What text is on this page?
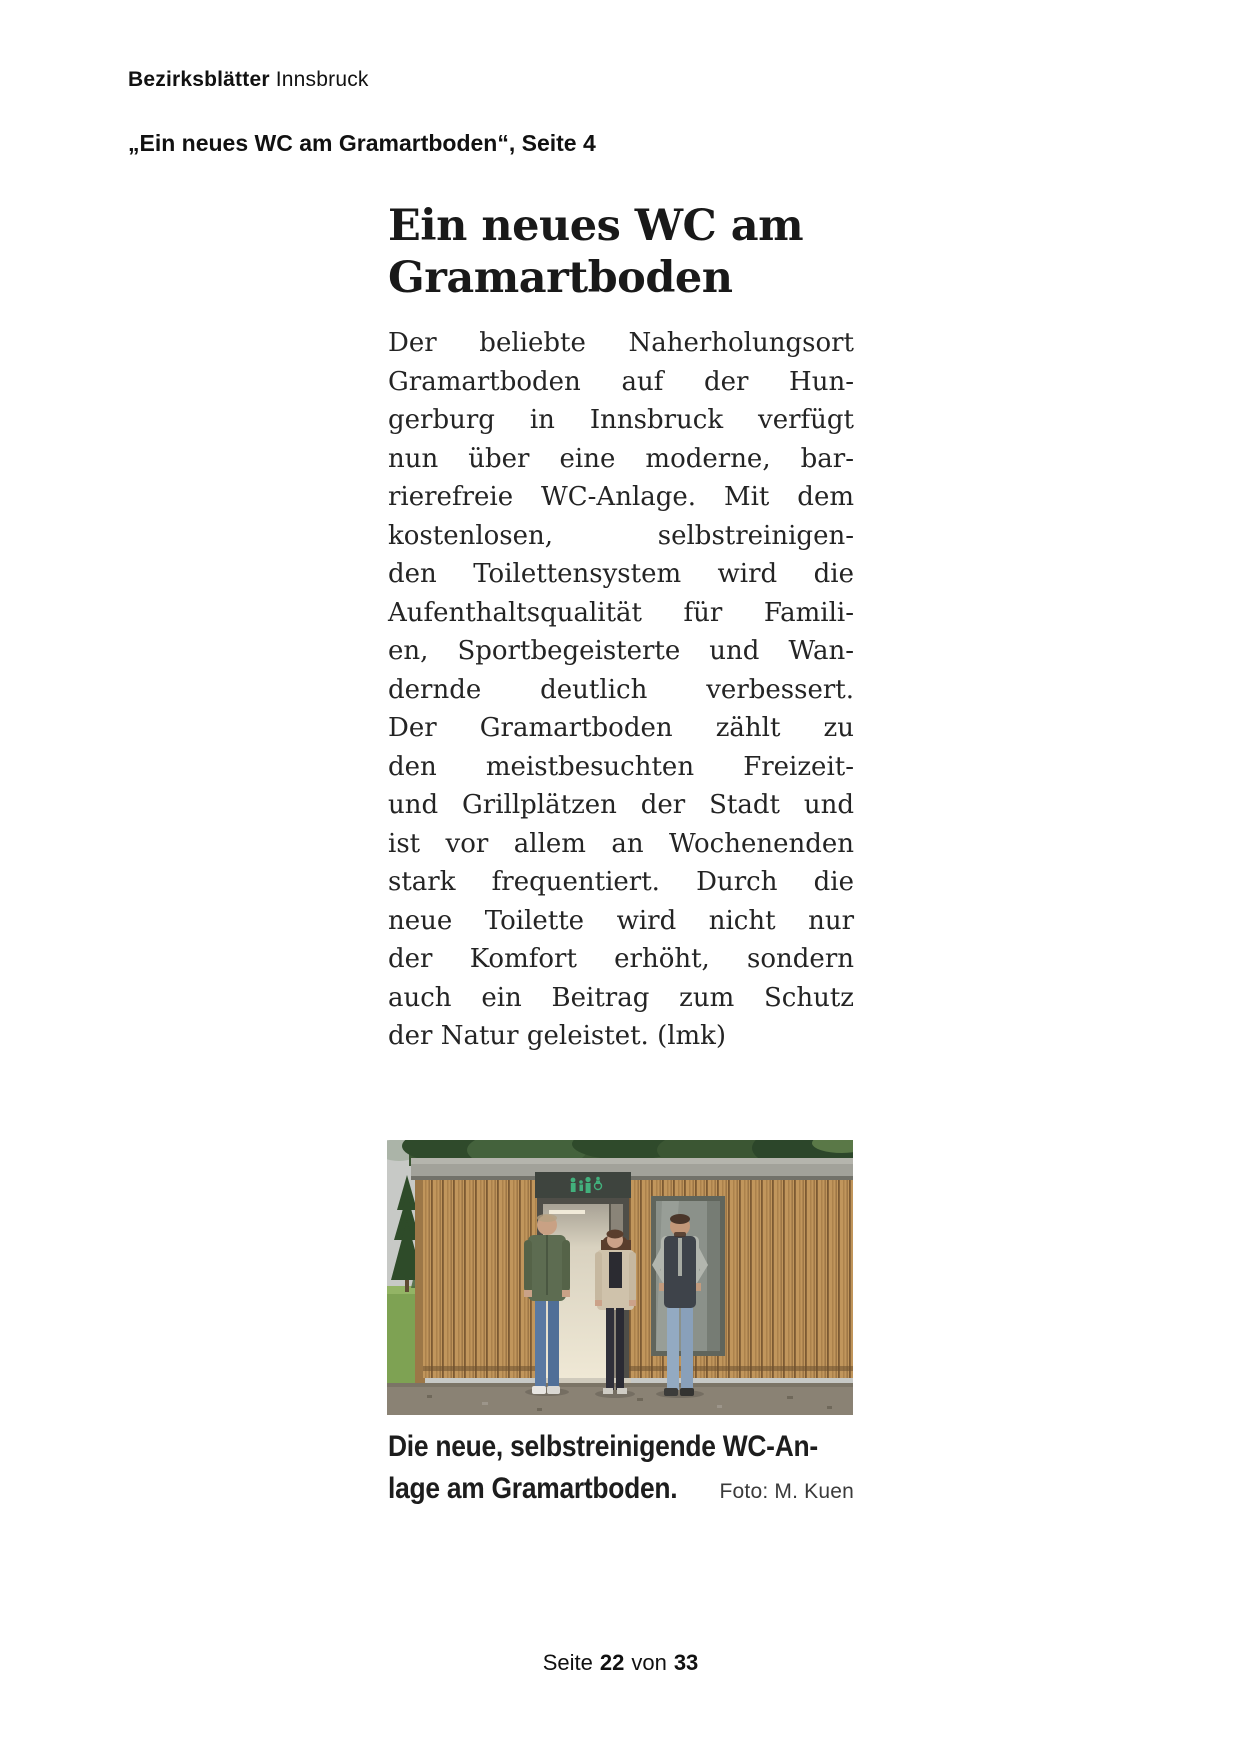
Bezirksblätter Innsbruck
„Ein neues WC am Gramartboden“, Seite 4
Ein neues WC am
Gramartboden
Der beliebte Naherholungsort
Gramartboden auf der Hun-
gerburg in Innsbruck verfügt
nun über eine moderne, bar-
rierefreie WC-Anlage. Mit dem
kostenlosen, selbstreinigen-
den Toilettensystem wird die
Aufenthaltsqualität für Famili-
en, Sportbegeisterte und Wan-
dernde deutlich verbessert.
Der Gramartboden zählt zu
den meistbesuchten Freizeit-
und Grillplätzen der Stadt und
ist vor allem an Wochenenden
stark frequentiert. Durch die
neue Toilette wird nicht nur
der Komfort erhöht, sondern
auch ein Beitrag zum Schutz
der Natur geleistet. (lmk)
Die neue, selbstreinigende WC-An-
lage am Gramartboden. Foto: M. Kuen
Seite 22 von 33
